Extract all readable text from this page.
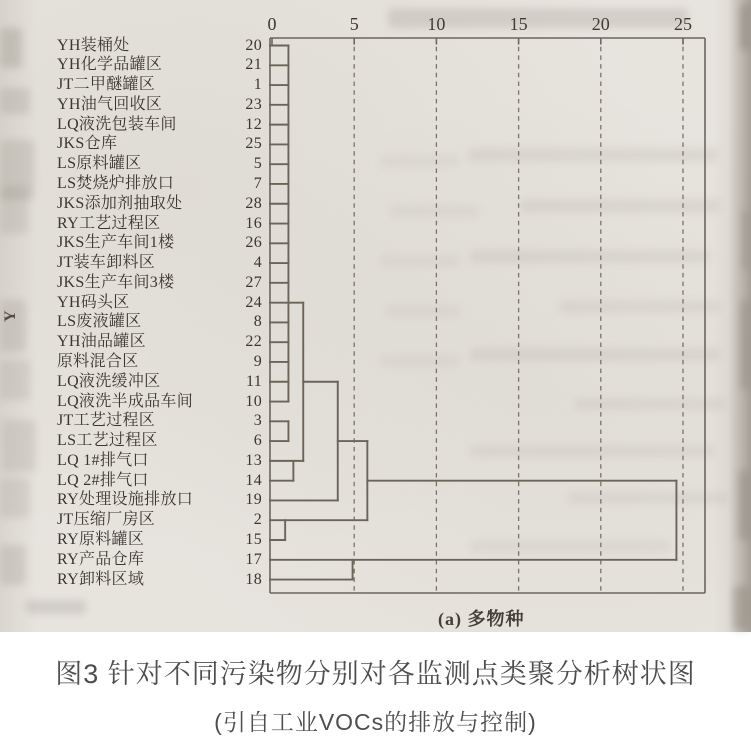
0	5	10	15	20	25
YH装桶处	20
YH化学品罐区	21
JT二甲醚罐区	1
YH油气回收区	23
LQ液洗包装车间	12
JKS仓库	25
LS原料罐区	5
LS焚烧炉排放口	7
JKS添加剂抽取处	28
RY工艺过程区	16
JKS生产车间1楼	26
JT装车卸料区	4
JKS生产车间3楼	27
YH码头区	24
LS废液罐区	8
YH油品罐区	22
原料混合区	9
LQ液洗缓冲区	11
LQ液洗半成品车间	10
JT工艺过程区	3
LS工艺过程区	6
LQ 1#排气口	13
LQ 2#排气口	14
RY处理设施排放口	19
JT压缩厂房区	2
RY原料罐区	15
RY产品仓库	17
RY卸料区域	18
Y
(a) 多物种
图3 针对不同污染物分别对各监测点类聚分析树状图
(引自工业VOCs的排放与控制)
